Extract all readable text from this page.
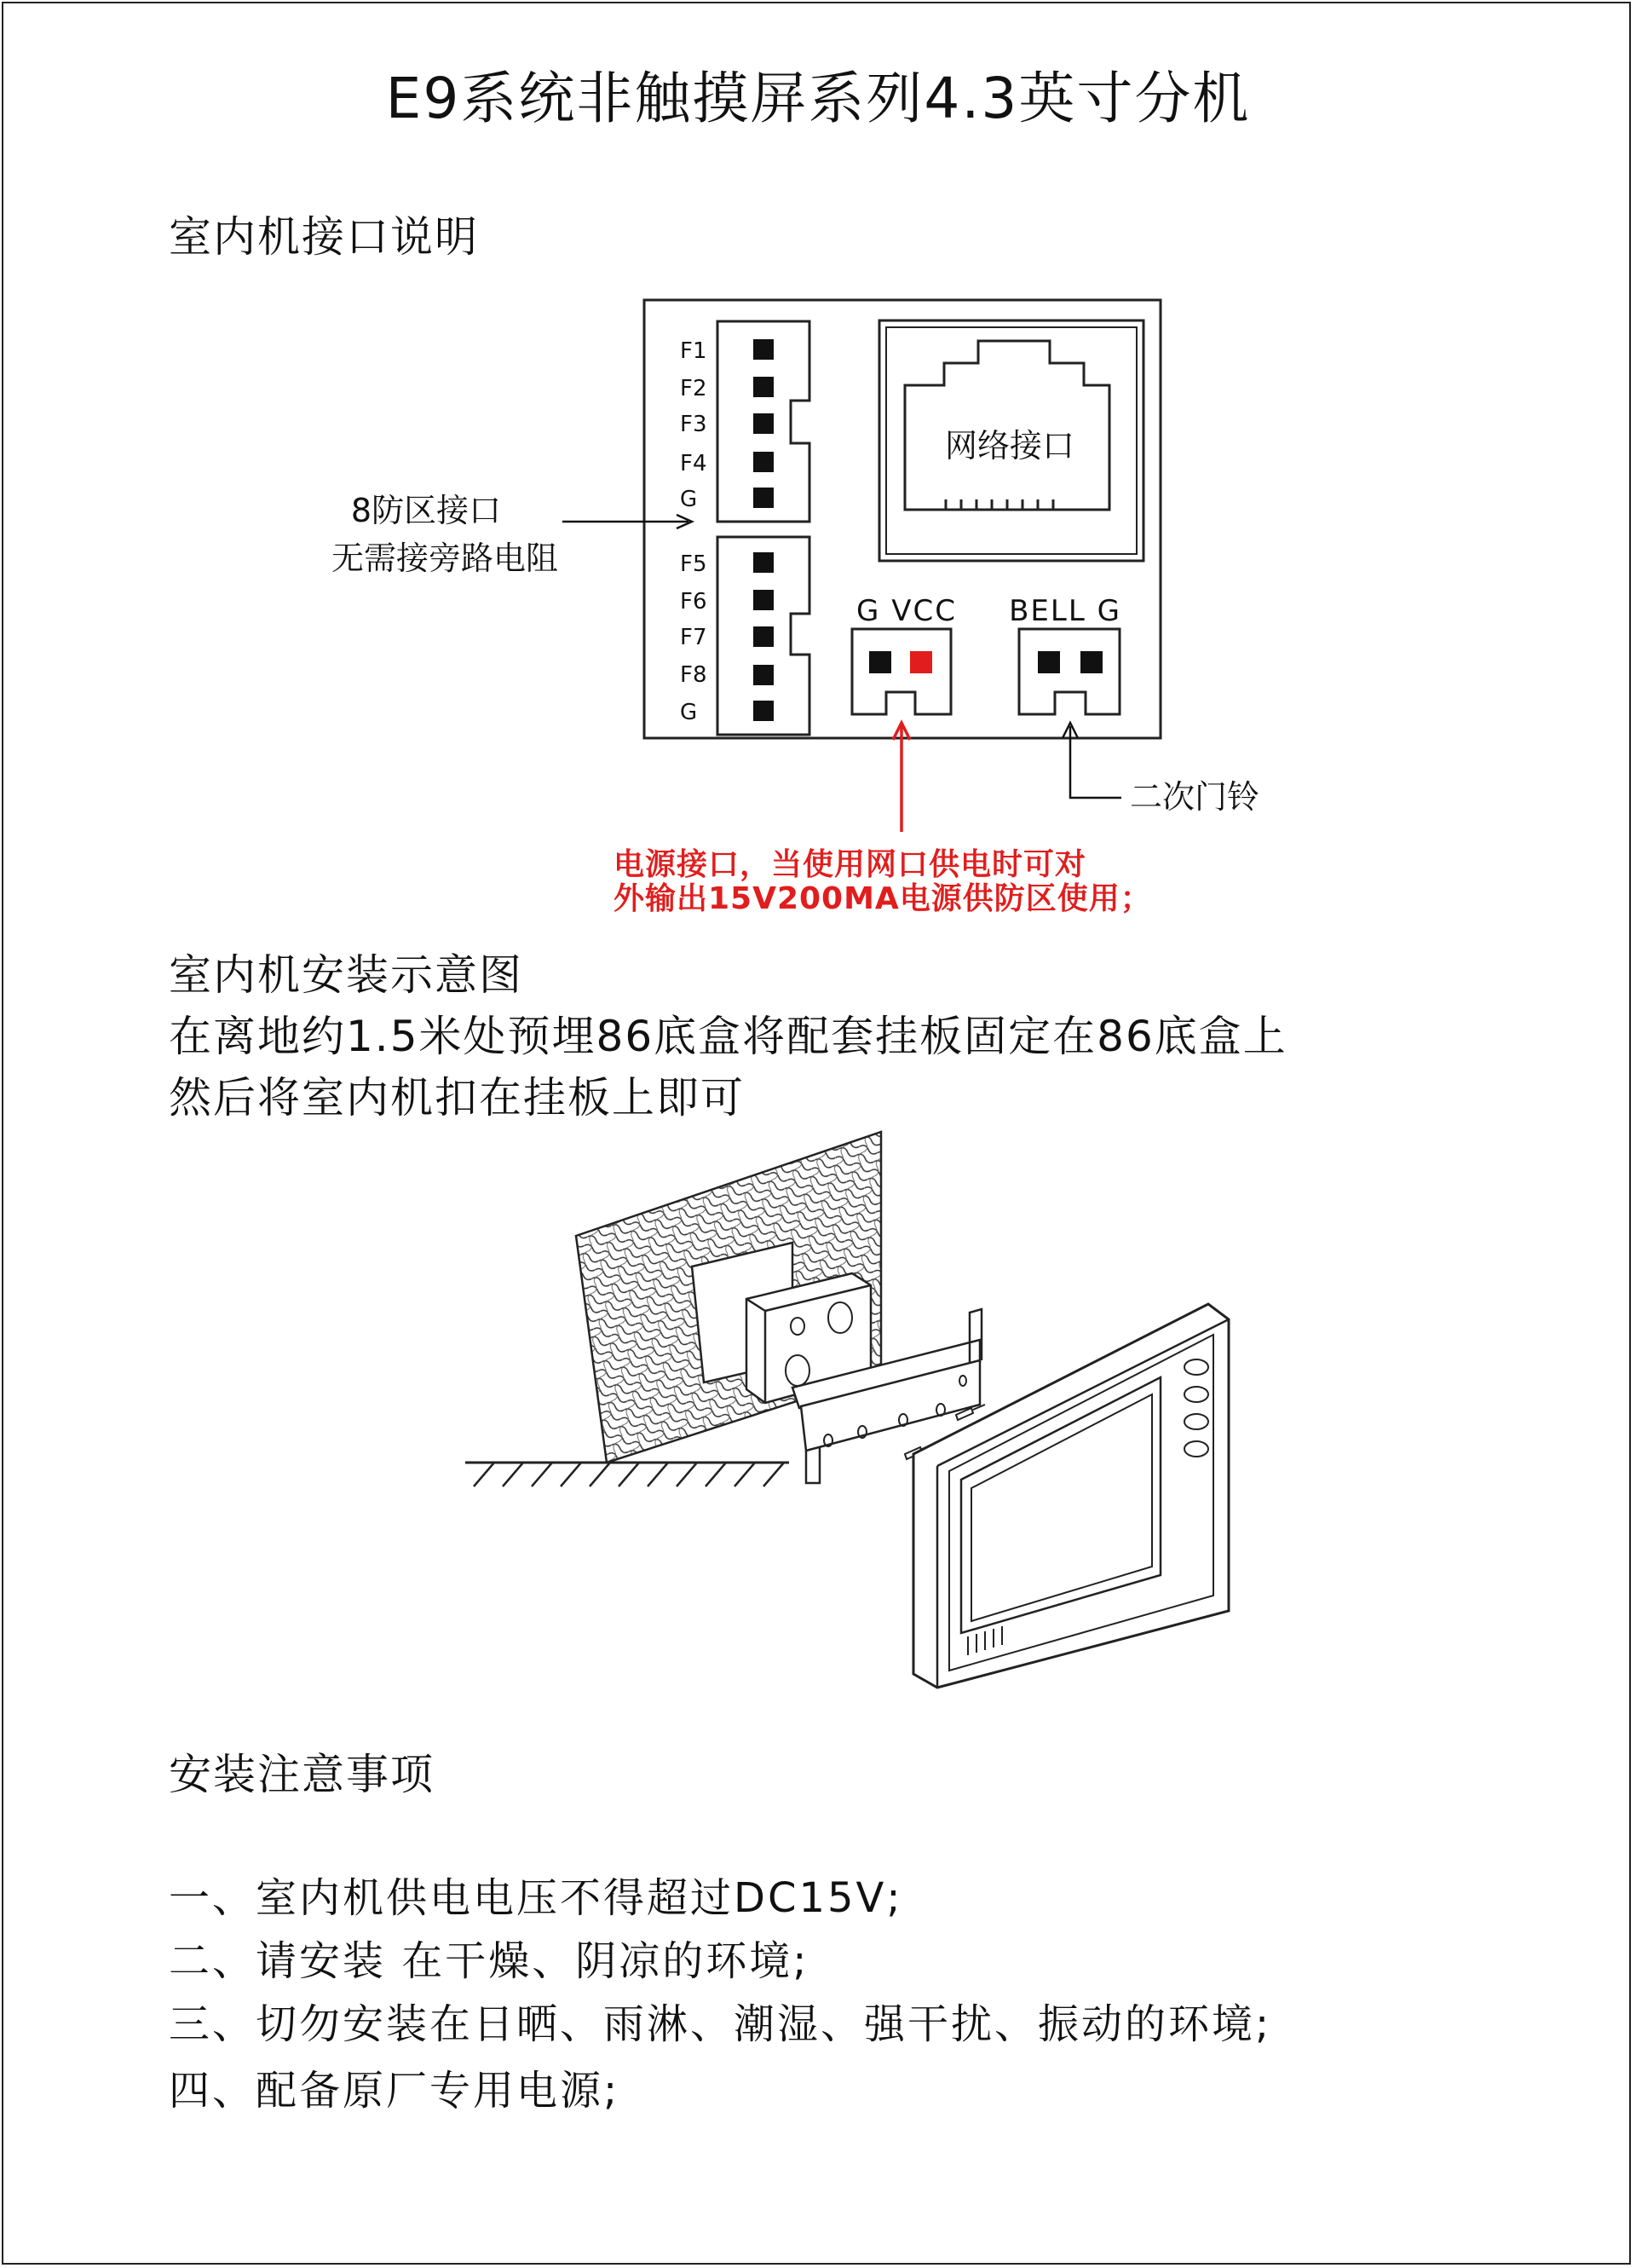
E9系统非触摸屏系列4.3英寸分机
室内机接口说明
F1
F2
F3
F4
G
F5
F6
F7
F8
G
网络接口
G VCC BELL G
8防区接口
无需接旁路电阻
二次门铃
电源接口，当使用网口供电时可对
外输出15V200MA电源供防区使用；
室内机安装示意图
在离地约1.5米处预埋86底盒将配套挂板固定在86底盒上
然后将室内机扣在挂板上即可
安装注意事项
一、室内机供电电压不得超过DC15V;
二、请安装 在干燥、阴凉的环境;
三、切勿安装在日晒、雨淋、潮湿、强干扰、振动的环境;
四、配备原厂专用电源;
